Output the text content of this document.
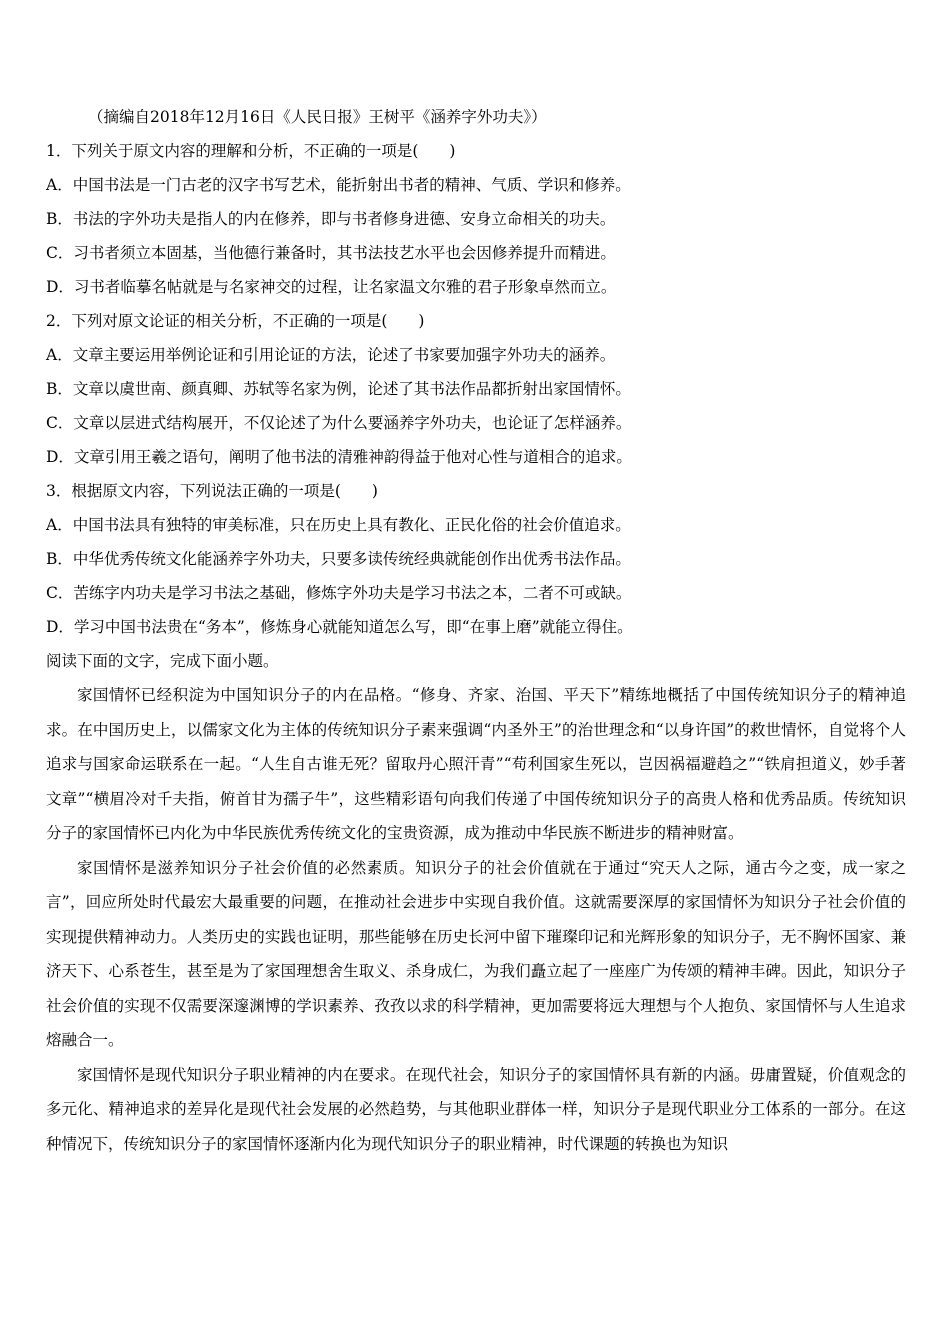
（摘编自2018年12月16日《人民日报》王树平《涵养字外功夫》）
1．下列关于原文内容的理解和分析，不正确的一项是(　　)
A．中国书法是一门古老的汉字书写艺术，能折射出书者的精神、气质、学识和修养。
B．书法的字外功夫是指人的内在修养，即与书者修身进德、安身立命相关的功夫。
C．习书者须立本固基，当他德行兼备时，其书法技艺水平也会因修养提升而精进。
D．习书者临摹名帖就是与名家神交的过程，让名家温文尔雅的君子形象卓然而立。
2．下列对原文论证的相关分析，不正确的一项是(　　)
A．文章主要运用举例论证和引用论证的方法，论述了书家要加强字外功夫的涵养。
B．文章以虞世南、颜真卿、苏轼等名家为例，论述了其书法作品都折射出家国情怀。
C．文章以层进式结构展开，不仅论述了为什么要涵养字外功夫，也论证了怎样涵养。
D．文章引用王羲之语句，阐明了他书法的清雅神韵得益于他对心性与道相合的追求。
3．根据原文内容，下列说法正确的一项是(　　)
A．中国书法具有独特的审美标准，只在历史上具有教化、正民化俗的社会价值追求。
B．中华优秀传统文化能涵养字外功夫，只要多读传统经典就能创作出优秀书法作品。
C．苦练字内功夫是学习书法之基础，修炼字外功夫是学习书法之本，二者不可或缺。
D．学习中国书法贵在“务本”，修炼身心就能知道怎么写，即“在事上磨”就能立得住。
阅读下面的文字，完成下面小题。

家国情怀已经积淀为中国知识分子的内在品格。“修身、齐家、治国、平天下”精练地概括了中国传统知识分子的精神追求。在中国历史上，以儒家文化为主体的传统知识分子素来强调“内圣外王”的治世理念和“以身许国”的救世情怀，自觉将个人追求与国家命运联系在一起。“人生自古谁无死？留取丹心照汗青”“苟利国家生死以，岂因祸福避趋之”“铁肩担道义，妙手著文章”“横眉冷对千夫指，俯首甘为孺子牛”，这些精彩语句向我们传递了中国传统知识分子的高贵人格和优秀品质。传统知识分子的家国情怀已内化为中华民族优秀传统文化的宝贵资源，成为推动中华民族不断进步的精神财富。

家国情怀是滋养知识分子社会价值的必然素质。知识分子的社会价值就在于通过“究天人之际，通古今之变，成一家之言”，回应所处时代最宏大最重要的问题，在推动社会进步中实现自我价值。这就需要深厚的家国情怀为知识分子社会价值的实现提供精神动力。人类历史的实践也证明，那些能够在历史长河中留下璀璨印记和光辉形象的知识分子，无不胸怀国家、兼济天下、心系苍生，甚至是为了家国理想舍生取义、杀身成仁，为我们矗立起了一座座广为传颂的精神丰碑。因此，知识分子社会价值的实现不仅需要深邃渊博的学识素养、孜孜以求的科学精神，更加需要将远大理想与个人抱负、家国情怀与人生追求熔融合一。

家国情怀是现代知识分子职业精神的内在要求。在现代社会，知识分子的家国情怀具有新的内涵。毋庸置疑，价值观念的多元化、精神追求的差异化是现代社会发展的必然趋势，与其他职业群体一样，知识分子是现代职业分工体系的一部分。在这种情况下，传统知识分子的家国情怀逐渐内化为现代知识分子的职业精神，时代课题的转换也为知识
